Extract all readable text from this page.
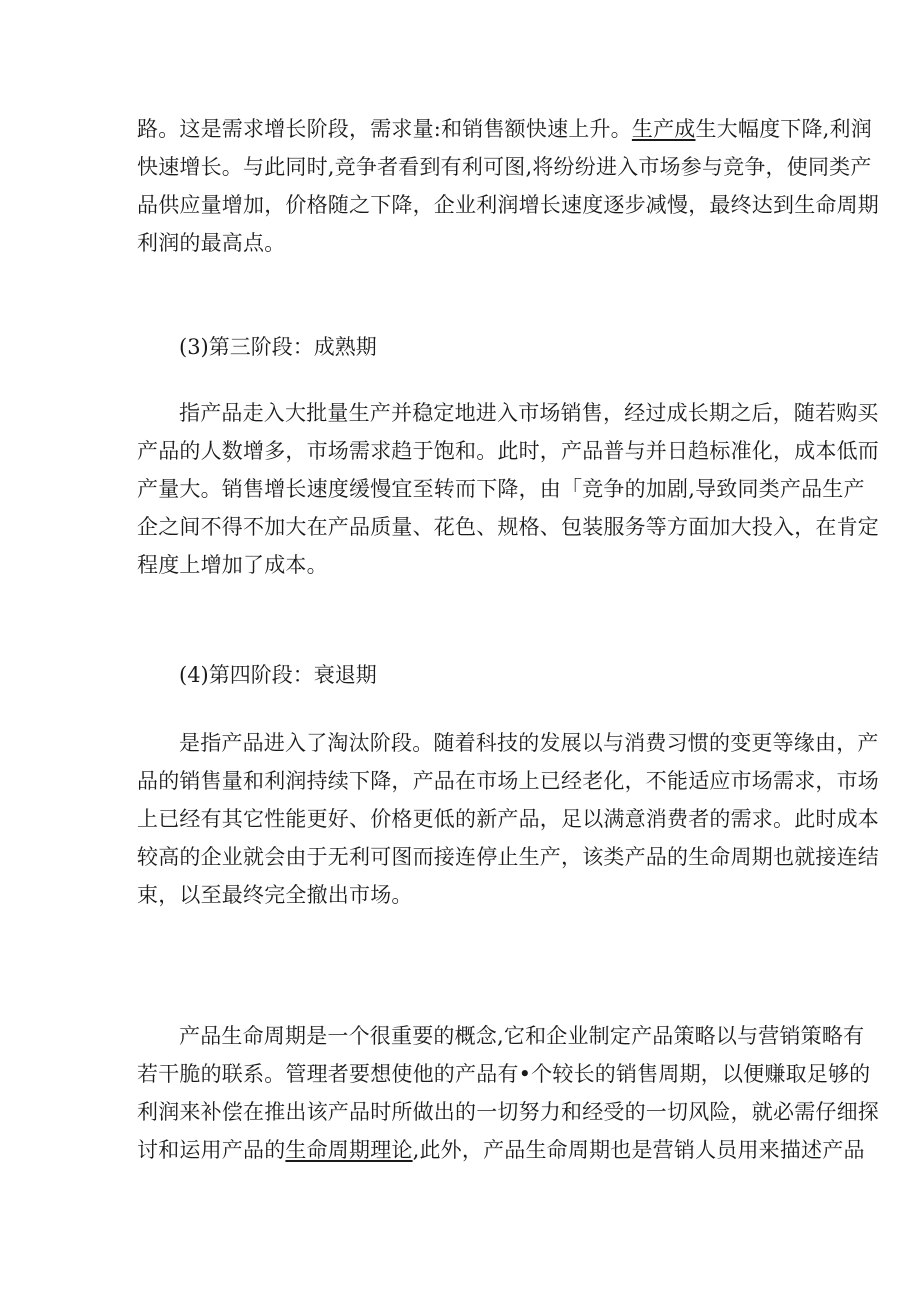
路。这是需求增长阶段，需求量:和销售额快速上升。生产成生大幅度下降,利润
快速增长。与此同时,竞争者看到有利可图,将纷纷进入市场参与竞争，使同类产
品供应量增加，价格随之下降，企业利润增长速度逐步减慢，最终达到生命周期
利润的最高点。
(3)第三阶段：成熟期
指产品走入大批量生产并稳定地进入市场销售，经过成长期之后，随若购买
产品的人数增多，市场需求趋于饱和。此时，产品普与并日趋标准化，成本低而
产量大。销售增长速度缓慢宜至转而下降，由「竞争的加剧,导致同类产品生产
企之间不得不加大在产品质量、花色、规格、包装服务等方面加大投入，在肯定
程度上增加了成本。
(4)第四阶段：衰退期
是指产品进入了淘汰阶段。随着科技的发展以与消费习惯的变更等缘由，产
品的销售量和利润持续下降，产品在市场上已经老化，不能适应市场需求，市场
上已经有其它性能更好、价格更低的新产品，足以满意消费者的需求。此时成本
较高的企业就会由于无利可图而接连停止生产，该类产品的生命周期也就接连结
束，以至最终完全撤出市场。
产品生命周期是一个很重要的概念,它和企业制定产品策略以与营销策略有
若干脆的联系。管理者要想使他的产品有•个较长的销售周期，以便赚取足够的
利润来补偿在推出该产品时所做出的一切努力和经受的一切风险，就必需仔细探
讨和运用产品的生命周期理论,此外，产品生命周期也是营销人员用来描述产品
